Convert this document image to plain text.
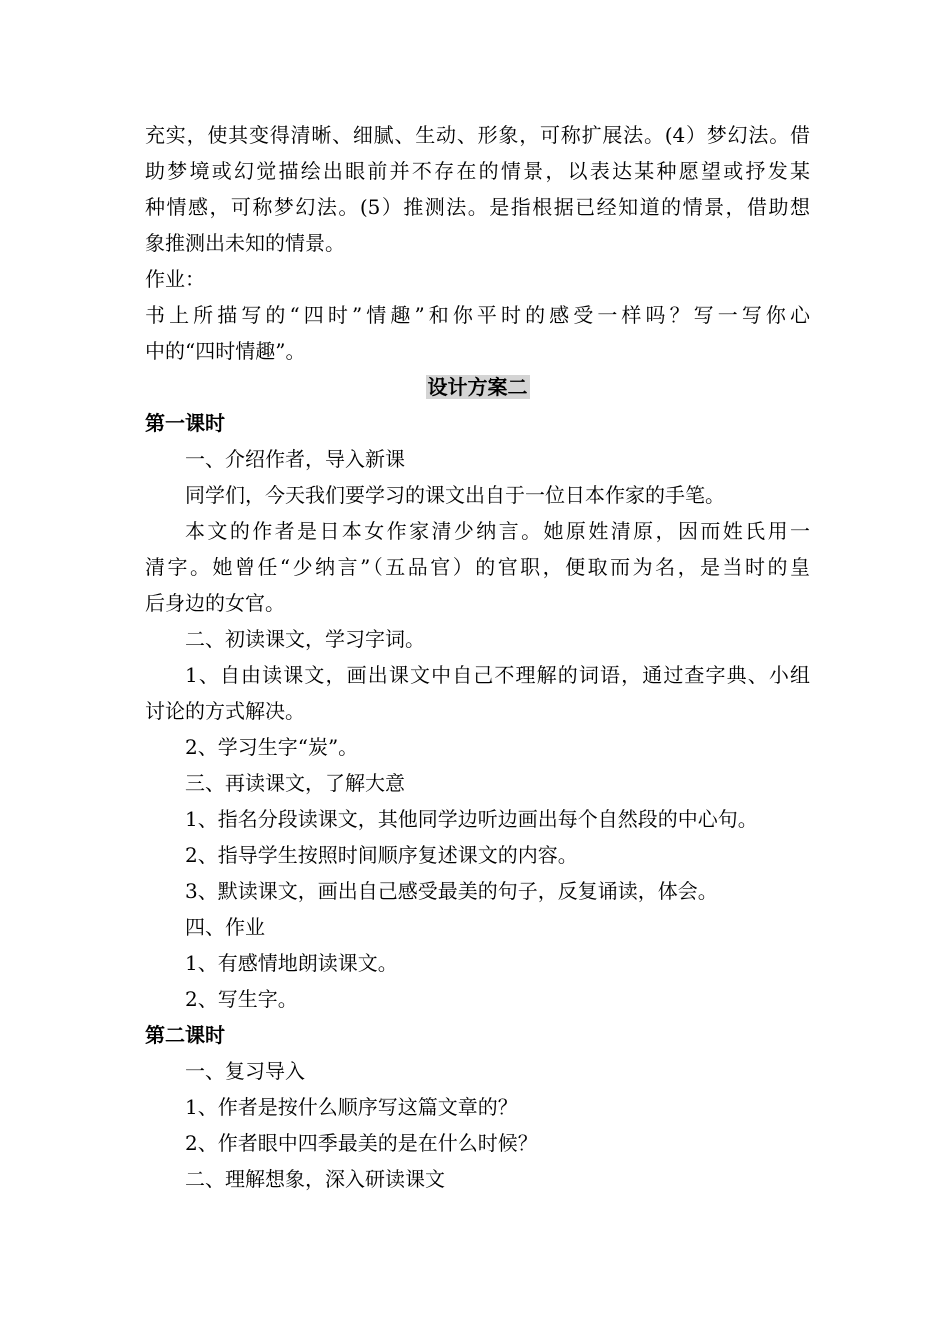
充实，使其变得清晰、细腻、生动、形象，可称扩展法。(4）梦幻法。借
助梦境或幻觉描绘出眼前并不存在的情景，以表达某种愿望或抒发某
种情感，可称梦幻法。(5）推测法。是指根据已经知道的情景，借助想
象推测出未知的情景。
作业：
书上所描写的“四时”情趣”和你平时的感受一样吗？写一写你心
中的“四时情趣”。
设计方案二
第一课时
一、介绍作者，导入新课
同学们，今天我们要学习的课文出自于一位日本作家的手笔。
本文的作者是日本女作家清少纳言。她原姓清原，因而姓氏用一
清字。她曾任“少纳言”（五品官）的官职，便取而为名，是当时的皇
后身边的女官。
二、初读课文，学习字词。
1、自由读课文，画出课文中自己不理解的词语，通过查字典、小组
讨论的方式解决。
2、学习生字“炭”。
三、再读课文，了解大意
1、指名分段读课文，其他同学边听边画出每个自然段的中心句。
2、指导学生按照时间顺序复述课文的内容。
3、默读课文，画出自己感受最美的句子，反复诵读，体会。
四、作业
1、有感情地朗读课文。
2、写生字。
第二课时
一、复习导入
1、作者是按什么顺序写这篇文章的？
2、作者眼中四季最美的是在什么时候？
二、理解想象，深入研读课文
